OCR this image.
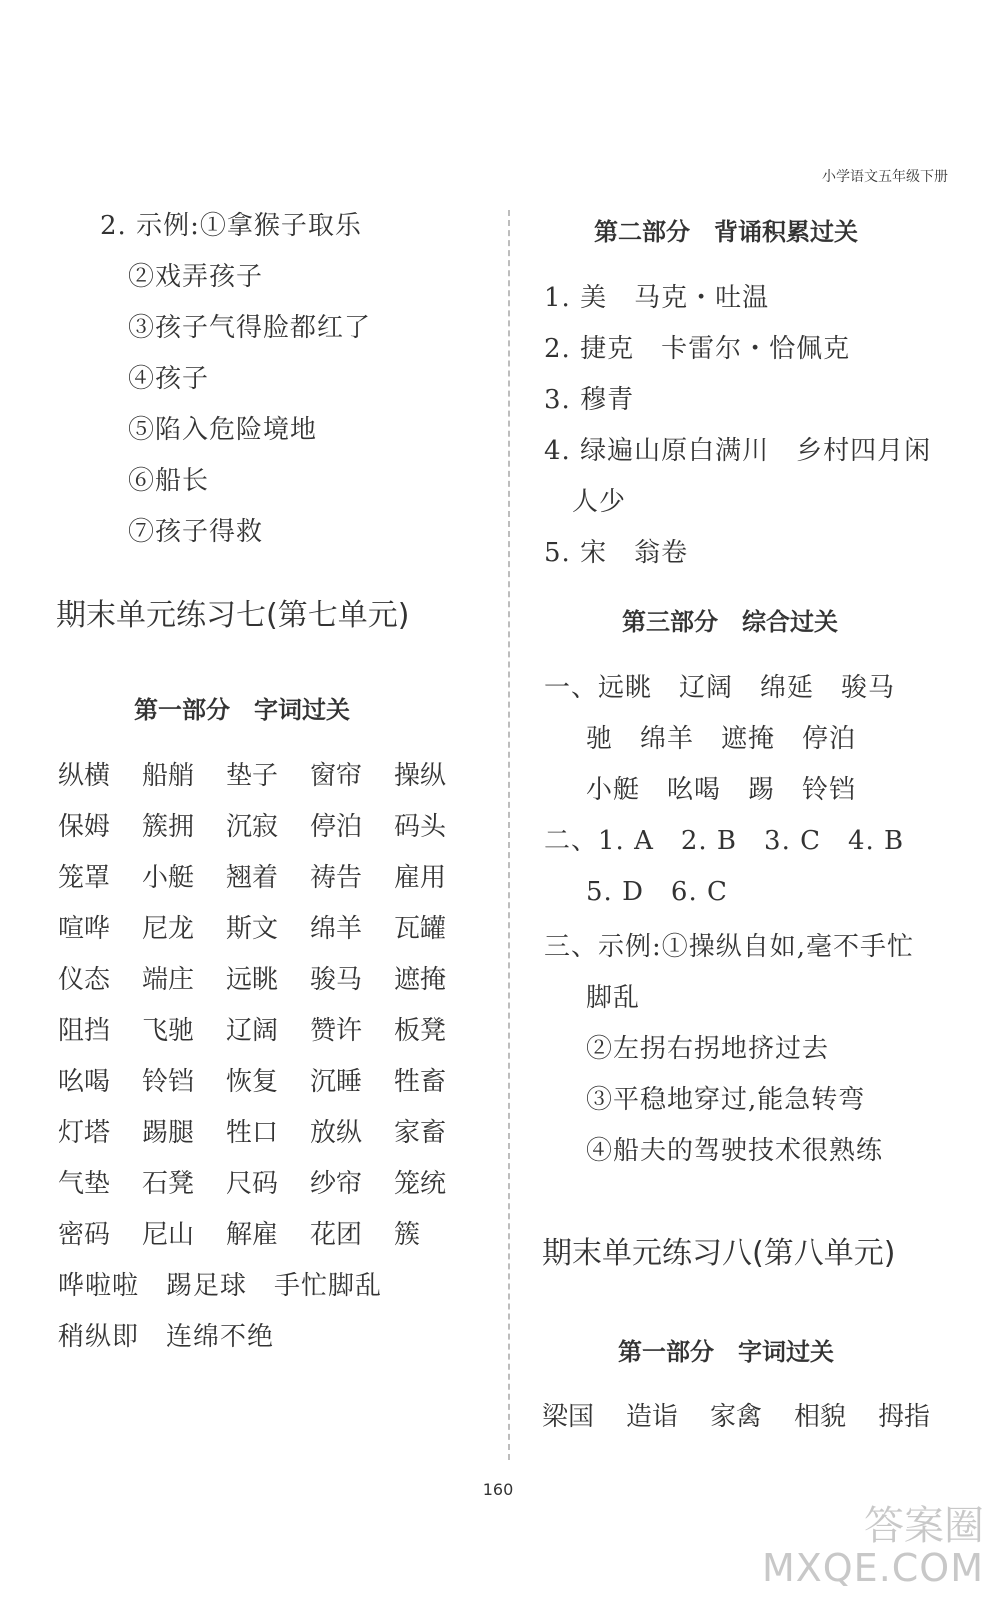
小学语文五年级下册
2. 示例:①拿猴子取乐
②戏弄孩子
③孩子气得脸都红了
④孩子
⑤陷入危险境地
⑥船长
⑦孩子得救
期末单元练习七(第七单元)
第一部分　字词过关
纵横	船艄	垫子	窗帘	操纵
保姆	簇拥	沉寂	停泊	码头
笼罩	小艇	翘着	祷告	雇用
喧哗	尼龙	斯文	绵羊	瓦罐
仪态	端庄	远眺	骏马	遮掩
阻挡	飞驰	辽阔	赞许	板凳
吆喝	铃铛	恢复	沉睡	牲畜
灯塔	踢腿	牲口	放纵	家畜
气垫	石凳	尺码	纱帘	笼统
密码	尼山	解雇	花团	簇
哗啦啦　踢足球　手忙脚乱
稍纵即　连绵不绝
第二部分　背诵积累过关
1. 美　马克・吐温
2. 捷克　卡雷尔・恰佩克
3. 穆青
4. 绿遍山原白满川　乡村四月闲
人少
5. 宋　翁卷
第三部分　综合过关
一、远眺　辽阔　绵延　骏马
驰　绵羊　遮掩　停泊
小艇　吆喝　踢　铃铛
二、1. A　2. B　3. C　4. B
5. D　6. C
三、示例:①操纵自如,毫不手忙
脚乱
②左拐右拐地挤过去
③平稳地穿过,能急转弯
④船夫的驾驶技术很熟练
期末单元练习八(第八单元)
第一部分　字词过关
梁国	造诣	家禽	相貌	拇指
160
答案圈
MXQE.COM
